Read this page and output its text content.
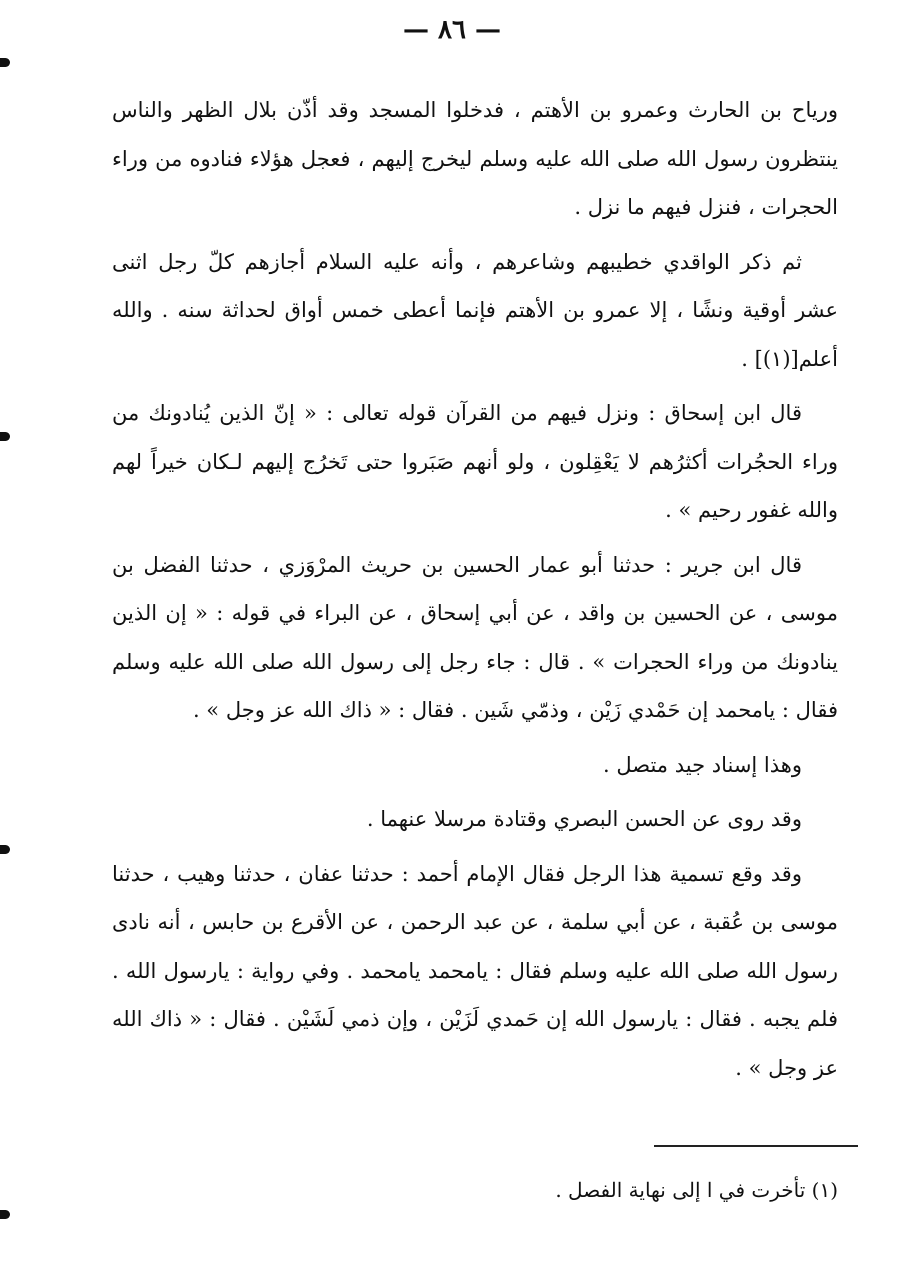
— ٨٦ —

ورياح بن الحارث وعمرو بن الأهتم ، فدخلوا المسجد وقد أذّن بلال الظهر والناس ينتظرون رسول الله صلى الله عليه وسلم ليخرج إليهم ، فعجل هؤلاء فنادوه من وراء الحجرات ، فنزل فيهم ما نزل .

ثم ذكر الواقدي خطيبهم وشاعرهم ، وأنه عليه السلام أجازهم كلّ رجل اثنى عشر أوقية ونشًا ، إلا عمرو بن الأهتم فإنما أعطى خمس أواق لحداثة سنه . والله أعلم[(١)] .

قال ابن إسحاق : ونزل فيهم من القرآن قوله تعالى : « إنّ الذين يُنادونك من وراء الحجُرات أكثرُهم لا يَعْقِلون ، ولو أنهم صَبَروا حتى تَخرُج إليهم لـكان خيراً لهم والله غفور رحيم » .

قال ابن جرير : حدثنا أبو عمار الحسين بن حريث المرْوَزي ، حدثنا الفضل بن موسى ، عن الحسين بن واقد ، عن أبي إسحاق ، عن البراء في قوله : « إن الذين ينادونك من وراء الحجرات » . قال : جاء رجل إلى رسول الله صلى الله عليه وسلم فقال : يامحمد إن حَمْدي زَيْن ، وذمّي شَين . فقال : « ذاك الله عز وجل » .

وهذا إسناد جيد متصل .

وقد روى عن الحسن البصري وقتادة مرسلا عنهما .

وقد وقع تسمية هذا الرجل فقال الإمام أحمد : حدثنا عفان ، حدثنا وهيب ، حدثنا موسى بن عُقبة ، عن أبي سلمة ، عن عبد الرحمن ، عن الأقرع بن حابس ، أنه نادى رسول الله صلى الله عليه وسلم فقال : يامحمد يامحمد . وفي رواية : يارسول الله . فلم يجبه . فقال : يارسول الله إن حَمدي لَزَيْن ، وإن ذمي لَشَيْن . فقال : « ذاك الله عز وجل » .

(١) تأخرت في ا إلى نهاية الفصل .
